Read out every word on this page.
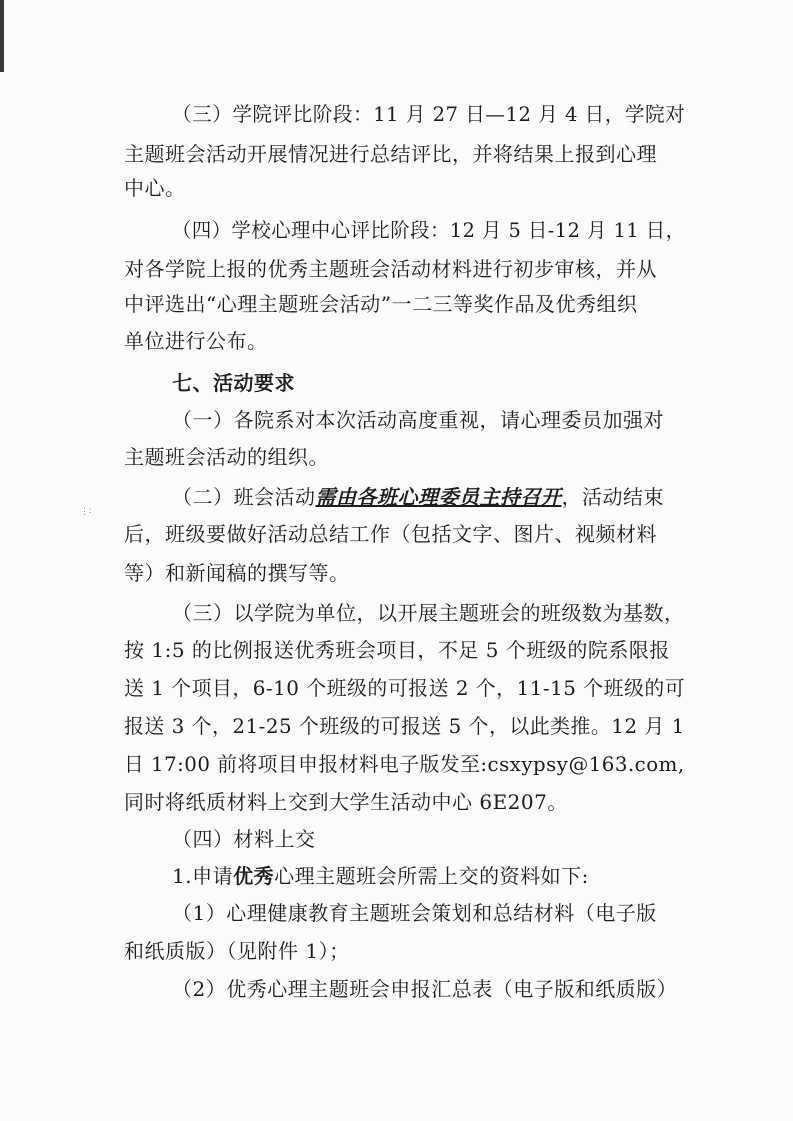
⋮∶
（三）学院评比阶段：11 月 27 日—12 月 4 日，学院对
主题班会活动开展情况进行总结评比，并将结果上报到心理
中心。
（四）学校心理中心评比阶段：12 月 5 日-12 月 11 日，
对各学院上报的优秀主题班会活动材料进行初步审核，并从
中评选出“心理主题班会活动”一二三等奖作品及优秀组织
单位进行公布。
七、活动要求
（一）各院系对本次活动高度重视，请心理委员加强对
主题班会活动的组织。
（二）班会活动需由各班心理委员主持召开，活动结束
后，班级要做好活动总结工作（包括文字、图片、视频材料
等）和新闻稿的撰写等。
（三）以学院为单位，以开展主题班会的班级数为基数，
按 1:5 的比例报送优秀班会项目，不足 5 个班级的院系限报
送 1 个项目，6-10 个班级的可报送 2 个，11-15 个班级的可
报送 3 个，21-25 个班级的可报送 5 个，以此类推。12 月 1
日 17:00 前将项目申报材料电子版发至:csxypsy@163.com,
同时将纸质材料上交到大学生活动中心 6E207。
（四）材料上交
1.申请优秀心理主题班会所需上交的资料如下:
（1）心理健康教育主题班会策划和总结材料（电子版
和纸质版）（见附件 1）；
（2）优秀心理主题班会申报汇总表（电子版和纸质版）
